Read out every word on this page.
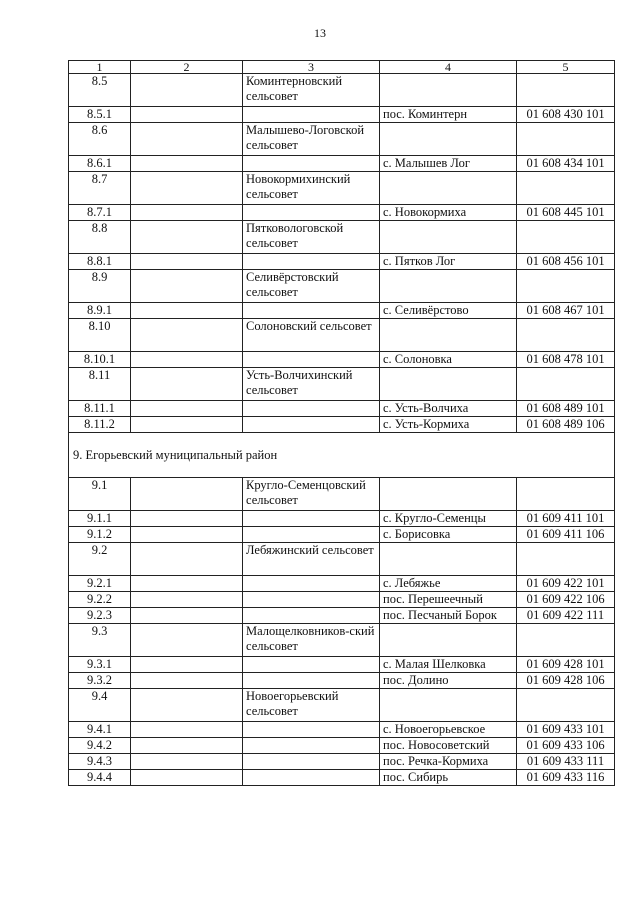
13
1	2	3	4	5
8.5		Коминтерновский сельсовет		
8.5.1			пос. Коминтерн	01 608 430 101
8.6		Малышево-Логовской сельсовет		
8.6.1			с. Малышев Лог	01 608 434 101
8.7		Новокормихинский сельсовет		
8.7.1			с. Новокормиха	01 608 445 101
8.8		Пятковологовской сельсовет		
8.8.1			с. Пятков Лог	01 608 456 101
8.9		Селивёрстовский сельсовет		
8.9.1			с. Селивёрстово	01 608 467 101
8.10		Солоновский сельсовет		
8.10.1			с. Солоновка	01 608 478 101
8.11		Усть-Волчихинский сельсовет		
8.11.1			с. Усть-Волчиха	01 608 489 101
8.11.2			с. Усть-Кормиха	01 608 489 106
9. Егорьевский муниципальный район				
9.1		Кругло-Семенцовский сельсовет		
9.1.1			с. Кругло-Семенцы	01 609 411 101
9.1.2			с. Борисовка	01 609 411 106
9.2		Лебяжинский сельсовет		
9.2.1			с. Лебяжье	01 609 422 101
9.2.2			пос. Перешеечный	01 609 422 106
9.2.3			пос. Песчаный Борок	01 609 422 111
9.3		Малощелковников-ский сельсовет		
9.3.1			с. Малая Шелковка	01 609 428 101
9.3.2			пос. Долино	01 609 428 106
9.4		Новоегорьевский сельсовет		
9.4.1			с. Новоегорьевское	01 609 433 101
9.4.2			пос. Новосоветский	01 609 433 106
9.4.3			пос. Речка-Кормиха	01 609 433 111
9.4.4			пос. Сибирь	01 609 433 116
